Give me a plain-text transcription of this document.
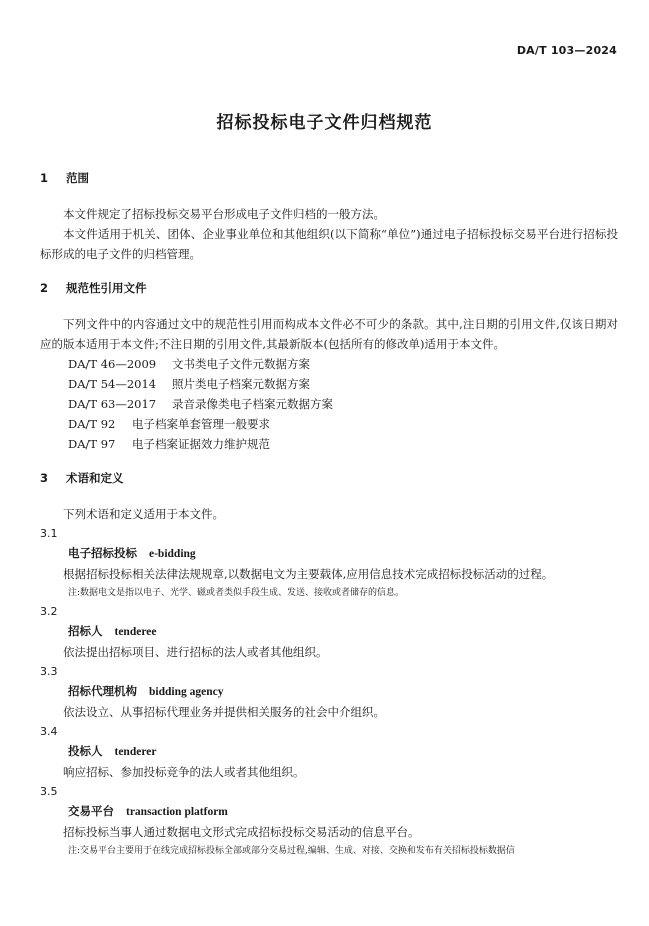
DA/T 103—2024
招标投标电子文件归档规范
1 范围

本文件规定了招标投标交易平台形成电子文件归档的一般方法。

本文件适用于机关、团体、企业事业单位和其他组织(以下简称“单位”)通过电子招标投标交易平台进行招标投标形成的电子文件的归档管理。

2 规范性引用文件

下列文件中的内容通过文中的规范性引用而构成本文件必不可少的条款。其中,注日期的引用文件,仅该日期对应的版本适用于本文件;不注日期的引用文件,其最新版本(包括所有的修改单)适用于本文件。

DA/T 46—2009 文书类电子文件元数据方案
DA/T 54—2014 照片类电子档案元数据方案
DA/T 63—2017 录音录像类电子档案元数据方案
DA/T 92 电子档案单套管理一般要求
DA/T 97 电子档案证据效力维护规范
3 术语和定义

下列术语和定义适用于本文件。

3.1

电子招标投标 e-bidding

根据招标投标相关法律法规规章,以数据电文为主要载体,应用信息技术完成招标投标活动的过程。

注:数据电文是指以电子、光学、磁或者类似手段生成、发送、接收或者储存的信息。

3.2

招标人 tenderee

依法提出招标项目、进行招标的法人或者其他组织。

3.3

招标代理机构 bidding agency

依法设立、从事招标代理业务并提供相关服务的社会中介组织。

3.4

投标人 tenderer

响应招标、参加投标竞争的法人或者其他组织。

3.5

交易平台 transaction platform

招标投标当事人通过数据电文形式完成招标投标交易活动的信息平台。

注:交易平台主要用于在线完成招标投标全部或部分交易过程,编辑、生成、对接、交换和发布有关招标投标数据信
